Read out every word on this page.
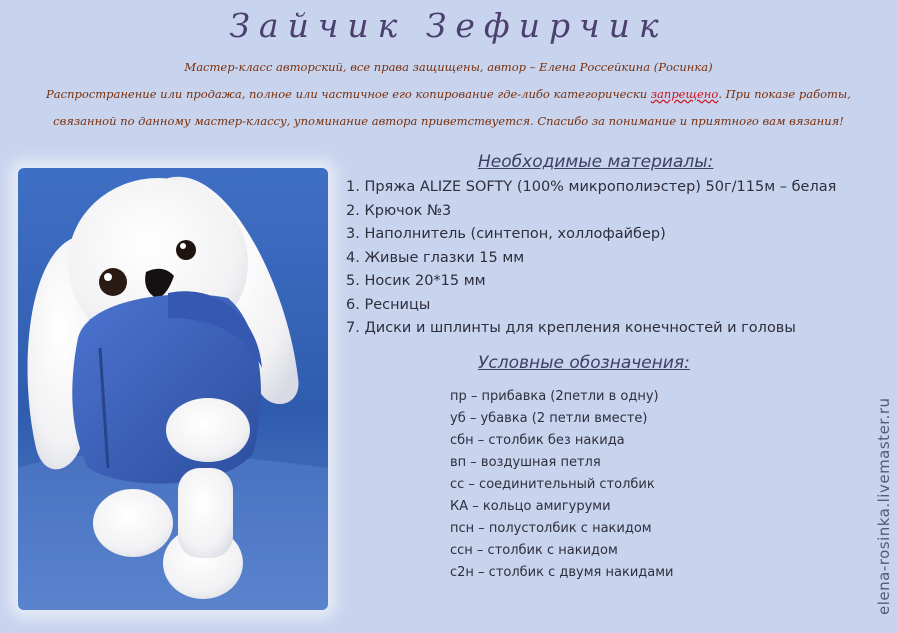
Зайчик Зефирчик
Мастер-класс авторский, все права защищены, автор – Елена Россейкина (Росинка)
Распространение или продажа, полное или частичное его копирование где-либо категорически запрещено. При показе работы,
связанной по данному мастер-классу, упоминание автора приветствуется. Спасибо за понимание и приятного вам вязания!
Необходимые материалы:
1. Пряжа ALIZE SOFTY (100% микрополиэстер) 50г/115м – белая
2. Крючок №3
3. Наполнитель (синтепон, холлофайбер)
4. Живые глазки 15 мм
5. Носик 20*15 мм
6. Ресницы
7. Диски и шплинты для крепления конечностей и головы
Условные обозначения:
пр – прибавка (2петли в одну)
уб – убавка (2 петли вместе)
сбн – столбик без накида
вп – воздушная петля
сс – соединительный столбик
КА – кольцо амигуруми
псн – полустолбик с накидом
ссн – столбик с накидом
с2н – столбик с двумя накидами	elena-rosinka.livemaster.ru
